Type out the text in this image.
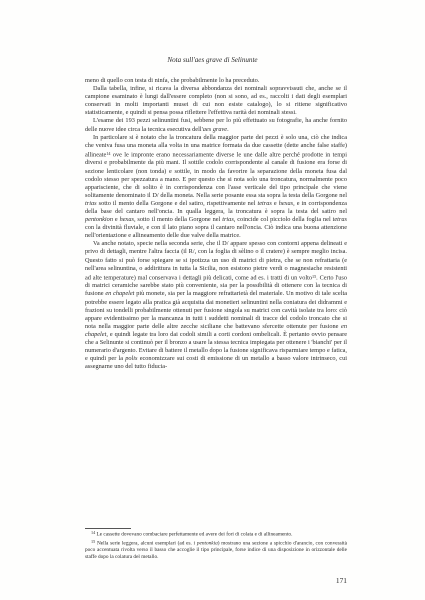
Nota sull'aes grave di Selinunte

meno di quello con testa di ninfa, che probabilmente lo ha preceduto.

Dalla tabella, infine, si ricava la diversa abbondanza dei nominali sopravvissuti che, anche se il campione esaminato è lungi dall'essere completo (non si sono, ad es., raccolti i dati degli esemplari conservati in molti importanti musei di cui non esiste catalogo), lo si ritiene significativo statisticamente, e quindi si pensa possa riflettere l'effettiva rarità dei nominali stessi.

L'esame dei 193 pezzi selinuntini fusi, sebbene per lo più effettuato su fotografie, ha anche fornito delle nuove idee circa la tecnica esecutiva dell'aes grave.

In particolare si è notato che la troncatura della maggior parte dei pezzi è solo una, ciò che indica che veniva fusa una moneta alla volta in una matrice formata da due cassette (dette anche false staffe) allineate$^{14}$ ove le impronte erano necessariamente diverse le une dalle altre perché prodotte in tempi diversi e probabilmente da più mani. Il sottile codolo corrispondente al canale di fusione era forse di sezione lenticolare (non tonda) e sottile, in modo da favorire la separazione della moneta fusa dal codolo stesso per spezzatura a mano. E per questo che si nota solo una troncatura, normalmente poco apparisciente, che di solito è in corrispondenza con l'asse verticale del tipo principale che viene solitamente denominato il D/ della moneta. Nella serie posante essa sta sopra la testa della Gorgone nel trias sotto il mento della Gorgone e del satiro, rispettivamente nel tetras e hexas, e in corrispondenza della base del cantaro nell'oncia. In qualla leggera, la troncatura è sopra la testa del satiro nel pentonkion e hexas, sotto il mento della Gorgone nel trias, coincide col picciolo della foglia nel tetras con la divinità fluviale, e con il lato piano sopra il cantaro nell'oncia. Ciò indica una buona attenzione nell'orientazione e allineamento delle due valve della matrice.

Va anche notato, specie nella seconda serie, che il D/ appare spesso con contorni appena delineati e privo di dettagli, mentre l'altra faccia (il R/, con la foglia di sèlino o il cratere) è sempre meglio incisa. Questo fatto si può forse spiegare se si ipotizza un uso di matrici di pietra, che se non refrattaria (e nell'area selinuntina, o addirittura in tutta la Sicilia, non esistono pietre verdi o magnesiache resistenti ad alte temperature) mal conservava i dettagli più delicati, come ad es. i tratti di un volto$^{15}$. Certo l'uso di matrici ceramiche sarebbe stato più conveniente, sia per la possibilità di ottenere con la tecnica di fusione en chapelet più monete, sia per la maggiore refrattarietà del materiale. Un motivo di tale scelta potrebbe essere legato alla pratica già acquisita dai monetieri selinuntini nella coniatura dei didrammi e frazioni su tondelli probabilmente ottenuti per fusione singola su matrici con cavità isolate tra loro: ciò appare evidentissimo per la mancanza in tutti i suddetti nominali di tracce del codolo troncato che si nota nella maggior parte delle altre zecche siciliane che battevano sfercette ottenute per fusione en chapelet, e quindi legate tra loro dai codoli simili a corti cordoni ombelicali. È pertanto ovvio pensare che a Selinunte si continuò per il bronzo a usare la stessa tecnica impiegata per ottenere i 'bianchi' per il numerario d'argento. Evitare di battere il metallo dopo la fusione significava risparmiare tempo e fatica, e quindi per la polis economizzare sui costi di emissione di un metallo a basso valore intrinseco, cui assegnarne uno del tutto fiducia-

$^{14}$ Le cassette dovevano combaciare perfettamente ed avere dei fori di colata e di allineamento.

$^{15}$ Nella serie leggera, alcuni esemplari (ad es. i pentonkia) mostrano una sezione a spicchio d'arancio, con convessità poco accentuata rivolta verso il basso che accoglie il tipo principale, forse indice di una disposizione in orizzontale delle staffe dopo la colatura del metallo.

171
